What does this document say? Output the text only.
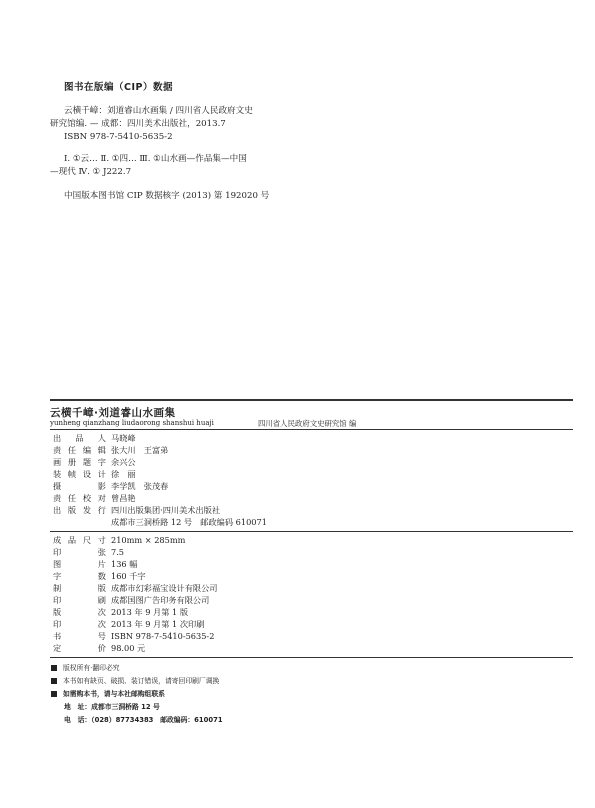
图书在版编（CIP）数据
云横千嶂：刘道睿山水画集 / 四川省人民政府文史
研究馆编. — 成都：四川美术出版社，2013.7
ISBN 978-7-5410-5635-2
Ⅰ. ①云… Ⅱ. ①四… Ⅲ. ①山水画—作品集—中国
—现代 Ⅳ. ① J222.7
中国版本图书馆 CIP 数据核字 (2013) 第 192020 号
云横千嶂·刘道睿山水画集
yunheng qianzhang liudaorong shanshui huaji	四川省人民政府文史研究馆 编
出品人 马晓峰
责任编辑 张大川　王富弟
画册题字 余兴公
装帧设计 徐　丽
摄影 李学凯　张茂春
责任校对 曾昌艳
出版发行 四川出版集团·四川美术出版社
成都市三洞桥路 12 号　邮政编码 610071
成品尺寸 210mm × 285mm
印张 7.5
图片 136 幅
字数 160 千字
制版 成都市幻彩福宝设计有限公司
印刷 成都国图广告印务有限公司
版次 2013 年 9 月第 1 版
印次 2013 年 9 月第 1 次印刷
书号 ISBN 978-7-5410-5635-2
定价 98.00 元
版权所有·翻印必究
本书如有缺页、破损、装订错误，请寄回印刷厂调换
如需购本书，请与本社邮购组联系
地　址：成都市三洞桥路 12 号
电　话：（028）87734383　邮政编码：610071
